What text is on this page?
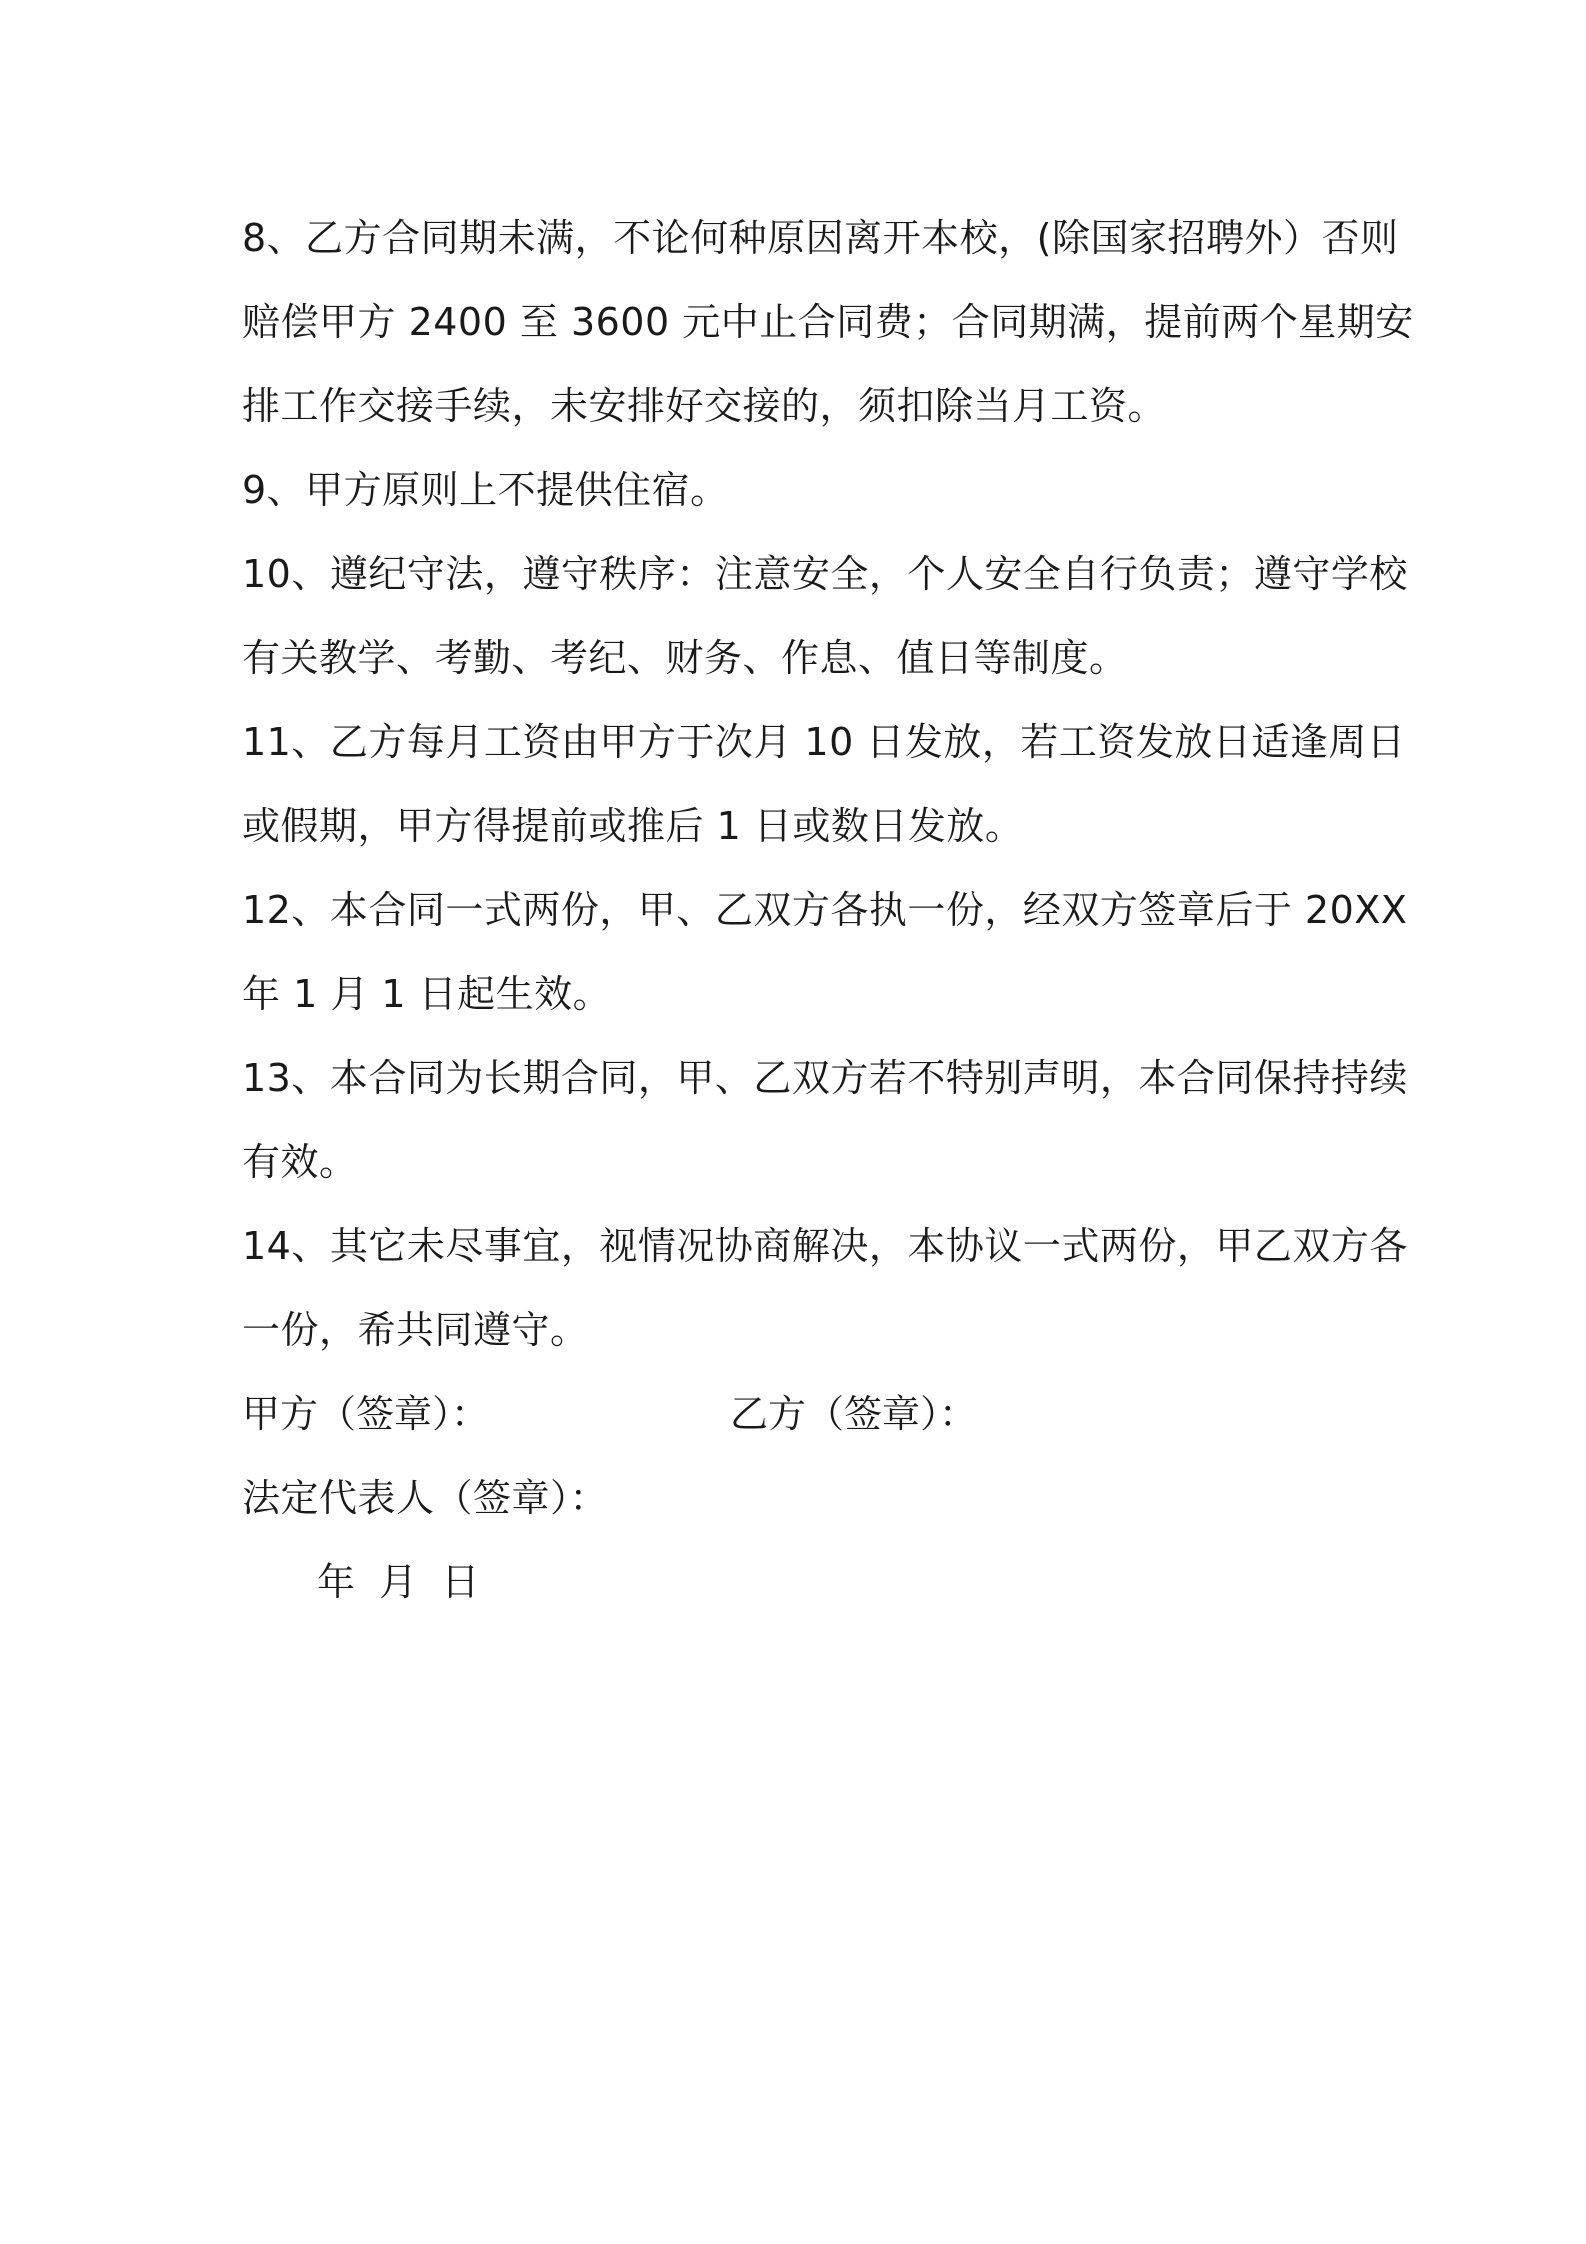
8、乙方合同期未满，不论何种原因离开本校，(除国家招聘外）否则
赔偿甲方 2400 至 3600 元中止合同费；合同期满，提前两个星期安
排工作交接手续，未安排好交接的，须扣除当月工资。
9、甲方原则上不提供住宿。
10、遵纪守法，遵守秩序：注意安全，个人安全自行负责；遵守学校
有关教学、考勤、考纪、财务、作息、值日等制度。
11、乙方每月工资由甲方于次月 10 日发放，若工资发放日适逢周日
或假期，甲方得提前或推后 1 日或数日发放。
12、本合同一式两份，甲、乙双方各执一份，经双方签章后于 20XX
年 1 月 1 日起生效。
13、本合同为长期合同，甲、乙双方若不特别声明，本合同保持持续
有效。
14、其它未尽事宜，视情况协商解决，本协议一式两份，甲乙双方各
一份，希共同遵守。
甲方（签章）：	乙方（签章）：
法定代表人（签章）：
年  月  日
